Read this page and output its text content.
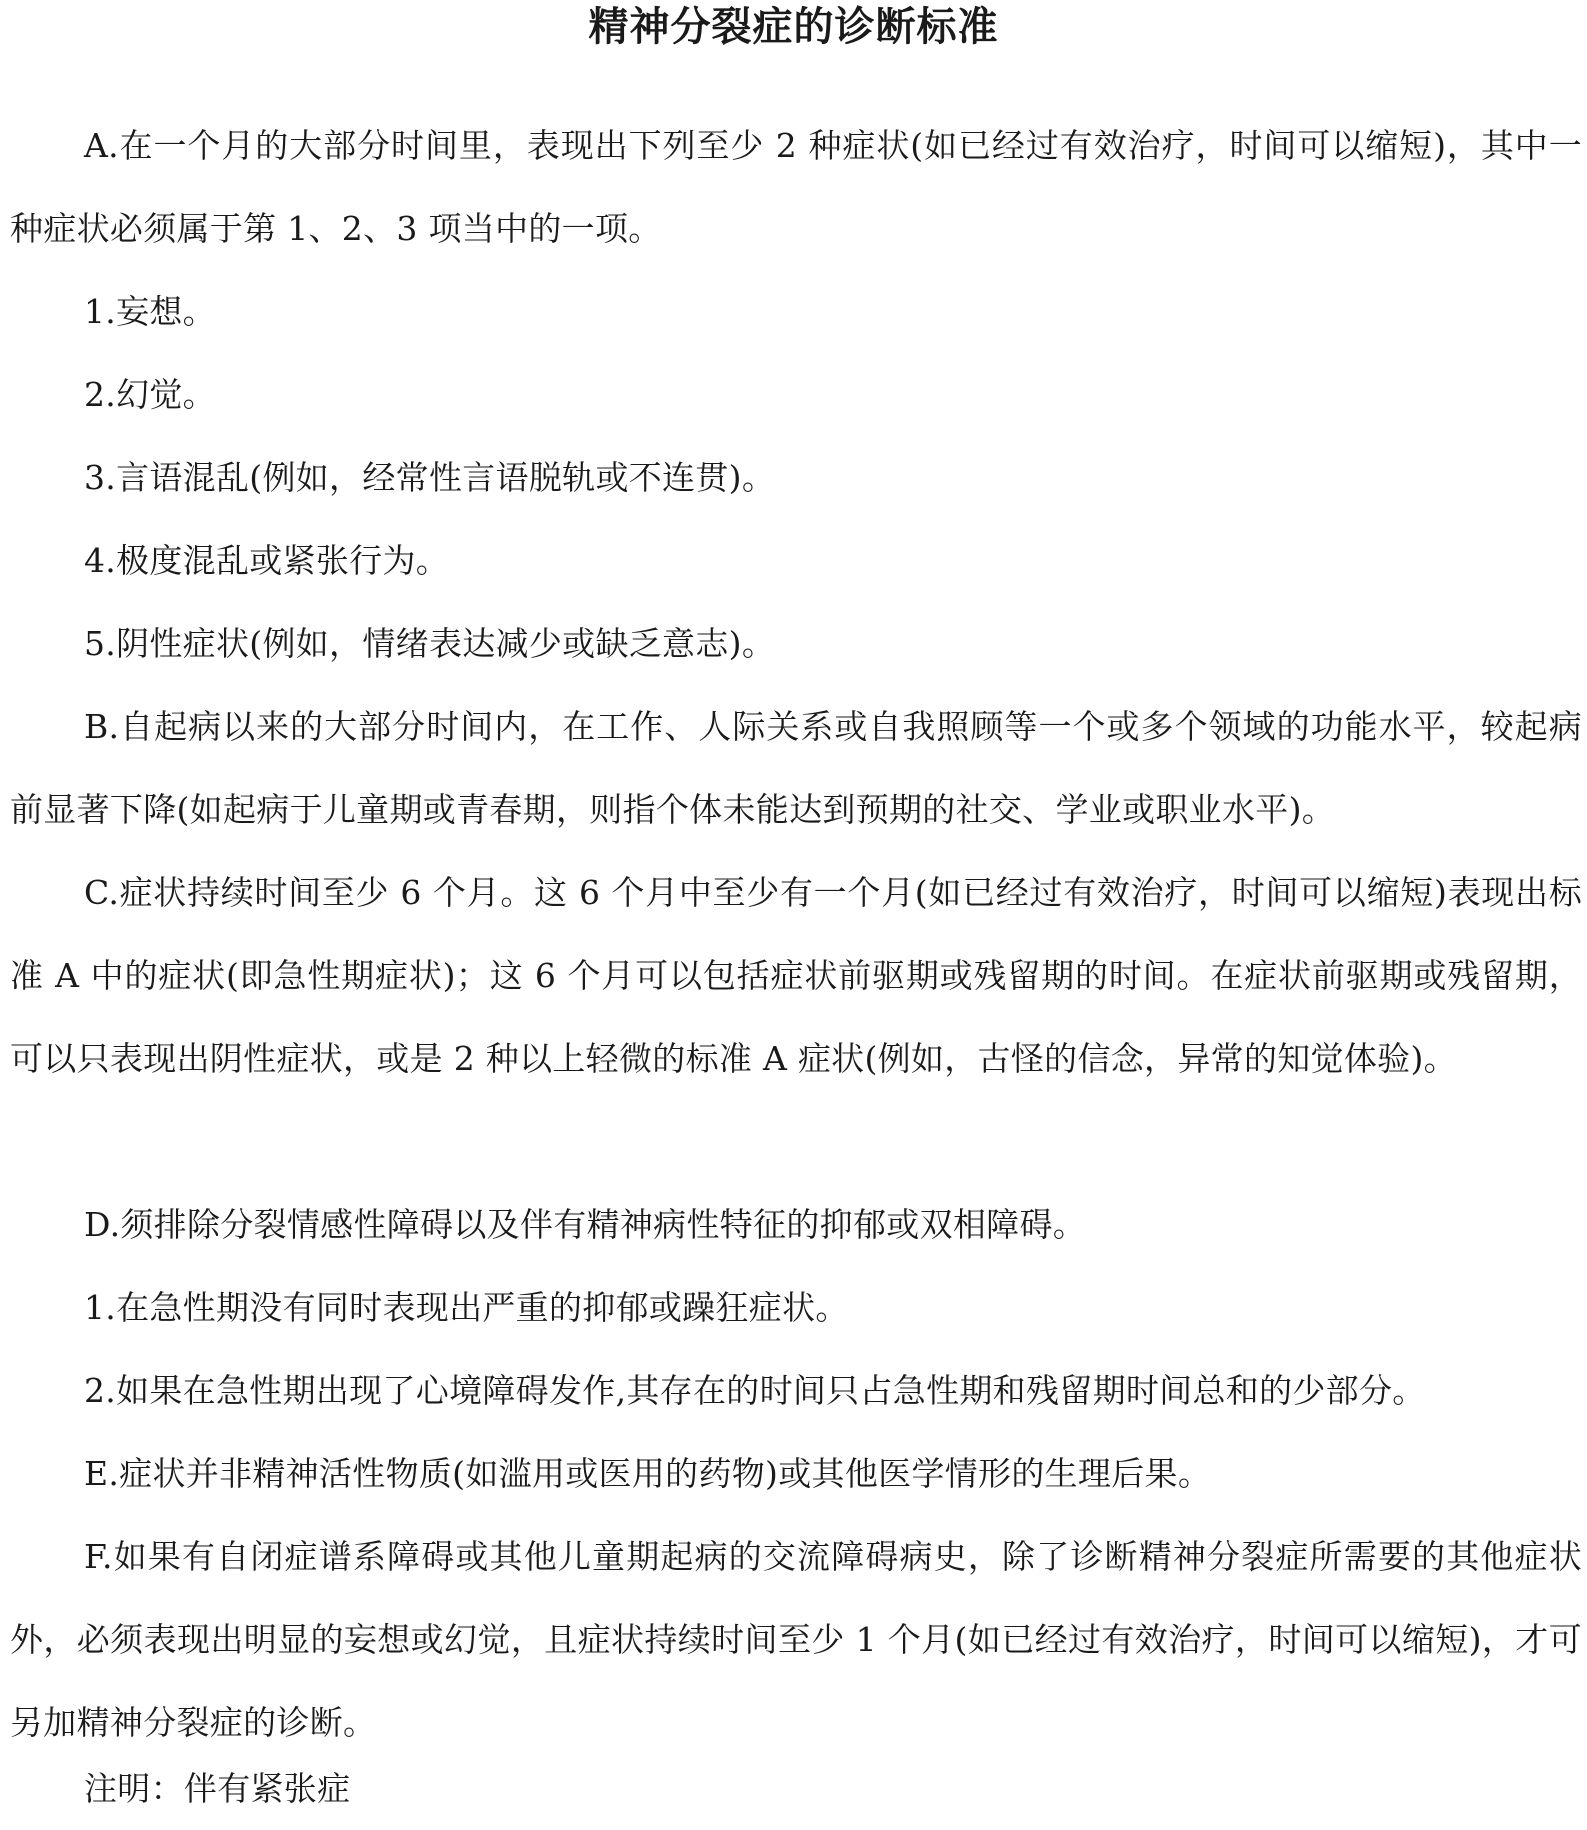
精神分裂症的诊断标准

A.在一个月的大部分时间里，表现出下列至少 2 种症状(如已经过有效治疗，时间可以缩短)，其中一种症状必须属于第 1、2、3 项当中的一项。

1.妄想。

2.幻觉。

3.言语混乱(例如，经常性言语脱轨或不连贯)。

4.极度混乱或紧张行为。

5.阴性症状(例如，情绪表达减少或缺乏意志)。

B.自起病以来的大部分时间内，在工作、人际关系或自我照顾等一个或多个领域的功能水平，较起病前显著下降(如起病于儿童期或青春期，则指个体未能达到预期的社交、学业或职业水平)。

C.症状持续时间至少 6 个月。这 6 个月中至少有一个月(如已经过有效治疗，时间可以缩短)表现出标准 A 中的症状(即急性期症状)；这 6 个月可以包括症状前驱期或残留期的时间。在症状前驱期或残留期，可以只表现出阴性症状，或是 2 种以上轻微的标准 A 症状(例如，古怪的信念，异常的知觉体验)。

D.须排除分裂情感性障碍以及伴有精神病性特征的抑郁或双相障碍。

1.在急性期没有同时表现出严重的抑郁或躁狂症状。

2.如果在急性期出现了心境障碍发作,其存在的时间只占急性期和残留期时间总和的少部分。

E.症状并非精神活性物质(如滥用或医用的药物)或其他医学情形的生理后果。

F.如果有自闭症谱系障碍或其他儿童期起病的交流障碍病史，除了诊断精神分裂症所需要的其他症状外，必须表现出明显的妄想或幻觉，且症状持续时间至少 1 个月(如已经过有效治疗，时间可以缩短)，才可另加精神分裂症的诊断。

注明：伴有紧张症
